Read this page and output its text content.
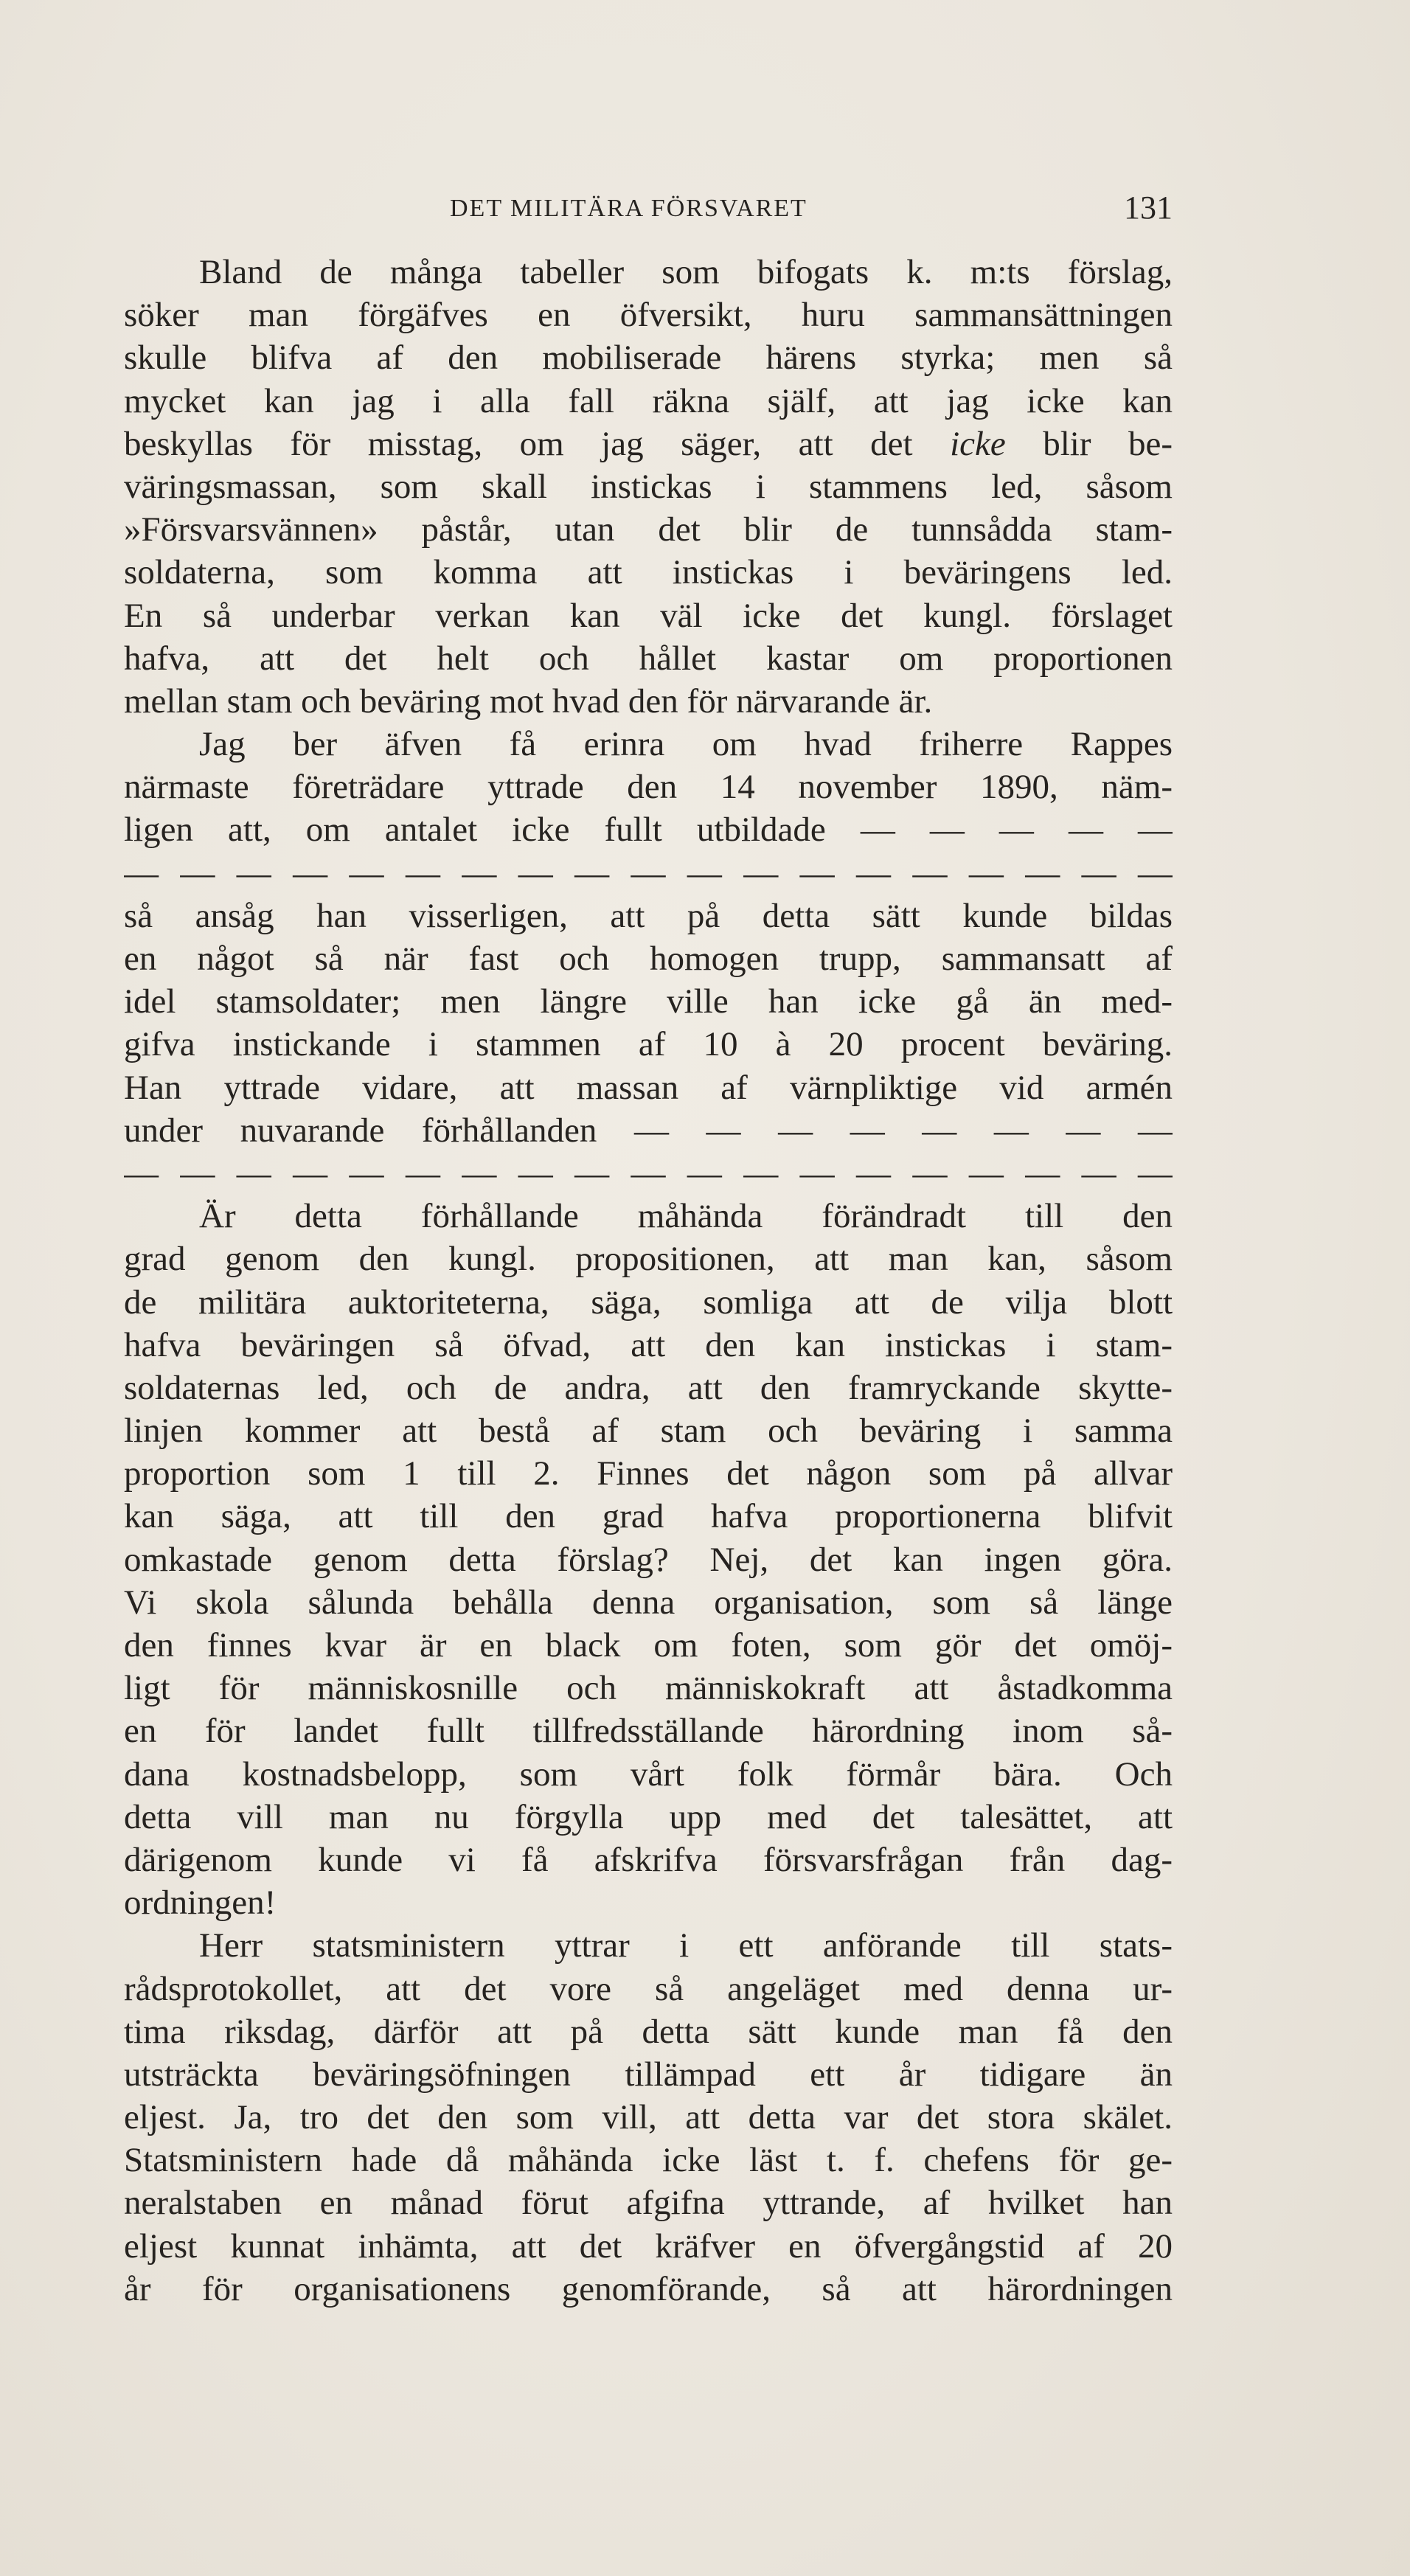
DET MILITÄRA FÖRSVARET	131
Bland de många tabeller som bifogats k. m:ts förslag,
söker man förgäfves en öfversikt, huru sammansättningen
skulle blifva af den mobiliserade härens styrka; men så
mycket kan jag i alla fall räkna själf, att jag icke kan
beskyllas för misstag, om jag säger, att det icke blir be-
väringsmassan, som skall instickas i stammens led, såsom
»Försvarsvännen» påstår, utan det blir de tunnsådda stam-
soldaterna, som komma att instickas i beväringens led.
En så underbar verkan kan väl icke det kungl. förslaget
hafva, att det helt och hållet kastar om proportionen
mellan stam och beväring mot hvad den för närvarande är.
Jag ber äfven få erinra om hvad friherre Rappes
närmaste företrädare yttrade den 14 november 1890, näm-
ligen att, om antalet icke fullt utbildade — — — — —
— — — — — — — — — — — — — — — — — — —
så ansåg han visserligen, att på detta sätt kunde bildas
en något så när fast och homogen trupp, sammansatt af
idel stamsoldater; men längre ville han icke gå än med-
gifva instickande i stammen af 10 à 20 procent beväring.
Han yttrade vidare, att massan af värnpliktige vid armén
under nuvarande förhållanden — — — — — — — —
— — — — — — — — — — — — — — — — — — —
Är detta förhållande måhända förändradt till den
grad genom den kungl. propositionen, att man kan, såsom
de militära auktoriteterna, säga, somliga att de vilja blott
hafva beväringen så öfvad, att den kan instickas i stam-
soldaternas led, och de andra, att den framryckande skytte-
linjen kommer att bestå af stam och beväring i samma
proportion som 1 till 2. Finnes det någon som på allvar
kan säga, att till den grad hafva proportionerna blifvit
omkastade genom detta förslag? Nej, det kan ingen göra.
Vi skola sålunda behålla denna organisation, som så länge
den finnes kvar är en black om foten, som gör det omöj-
ligt för människosnille och människokraft att åstadkomma
en för landet fullt tillfredsställande härordning inom så-
dana kostnadsbelopp, som vårt folk förmår bära. Och
detta vill man nu förgylla upp med det talesättet, att
därigenom kunde vi få afskrifva försvarsfrågan från dag-
ordningen!
Herr statsministern yttrar i ett anförande till stats-
rådsprotokollet, att det vore så angeläget med denna ur-
tima riksdag, därför att på detta sätt kunde man få den
utsträckta beväringsöfningen tillämpad ett år tidigare än
eljest. Ja, tro det den som vill, att detta var det stora skälet.
Statsministern hade då måhända icke läst t. f. chefens för ge-
neralstaben en månad förut afgifna yttrande, af hvilket han
eljest kunnat inhämta, att det kräfver en öfvergångstid af 20
år för organisationens genomförande, så att härordningen
